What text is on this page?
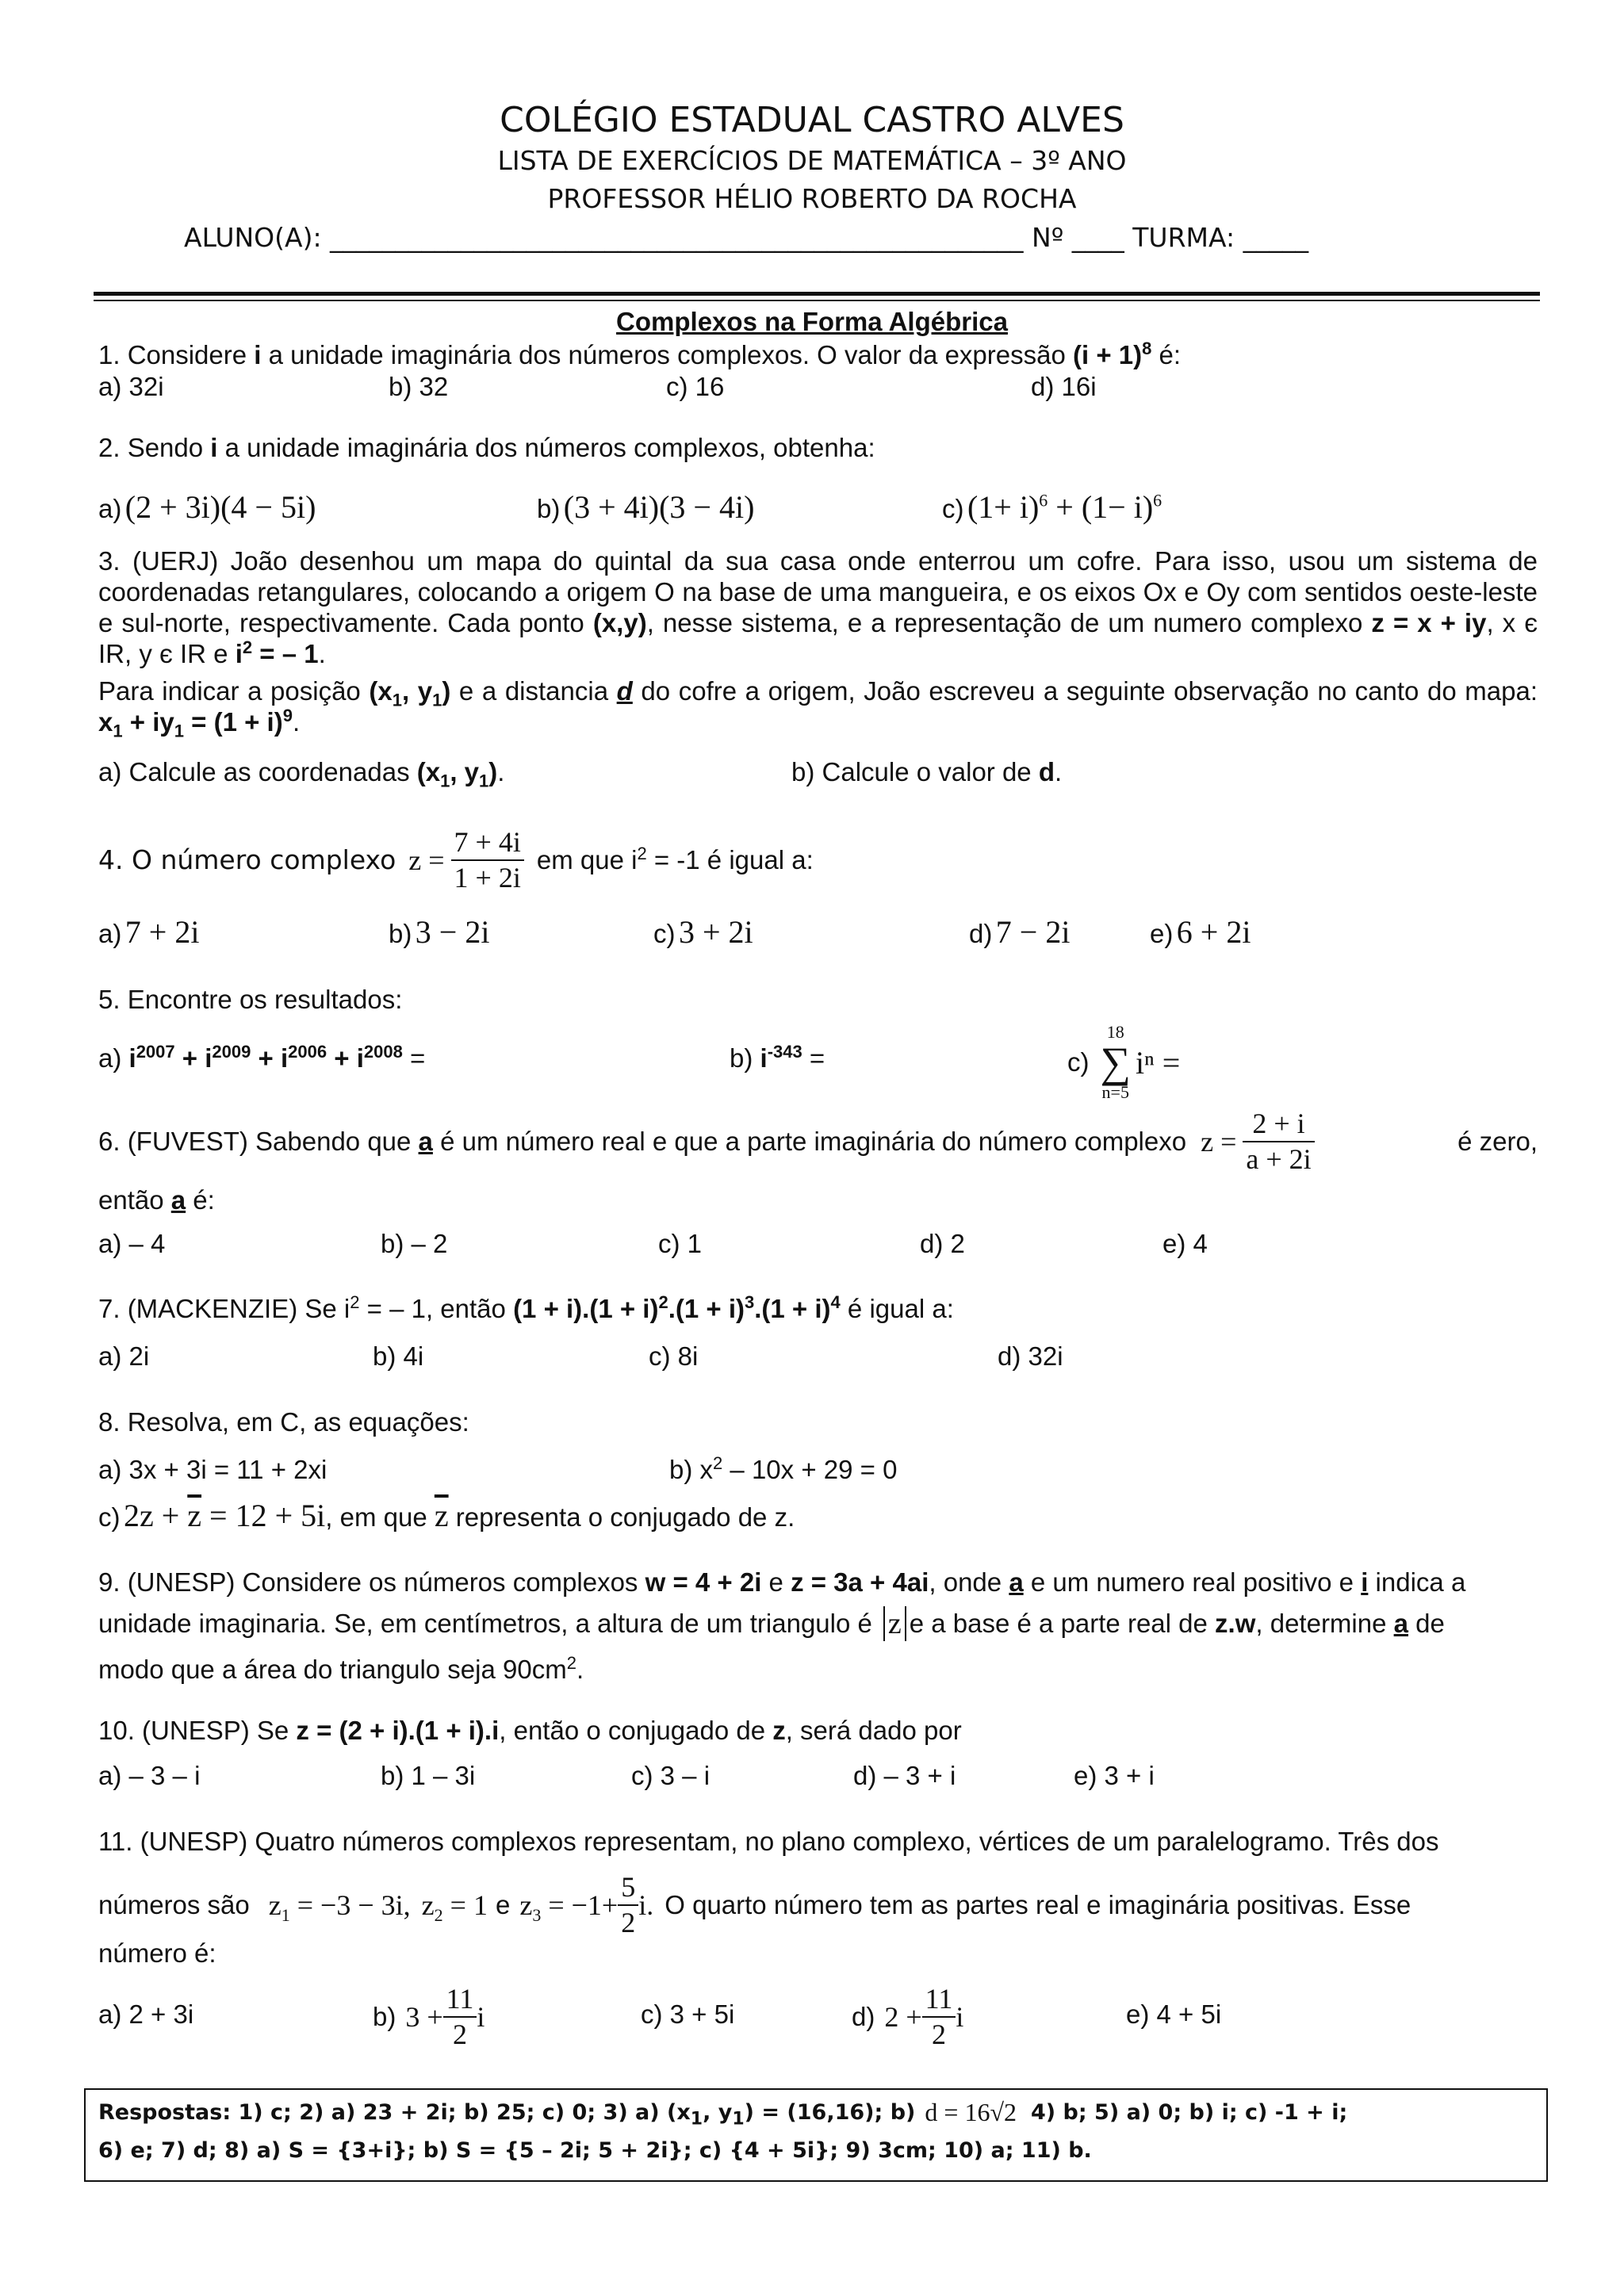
COLÉGIO ESTADUAL CASTRO ALVES
LISTA DE EXERCÍCIOS DE MATEMÁTICA – 3º ANO
PROFESSOR HÉLIO ROBERTO DA ROCHA
ALUNO(A): _____________________________________________________ Nº ____ TURMA: _____
Complexos na Forma Algébrica
1. Considere i a unidade imaginária dos números complexos. O valor da expressão $(i + 1)^8$ é:
a) 32i	b) 32	c) 16	d) 16i
2. Sendo i a unidade imaginária dos números complexos, obtenha:
a) (2 + 3i)(4 − 5i)	b) (3 + 4i)(3 − 4i)	c) $(1+ i)^6 + (1- i)^6$
3. (UERJ) João desenhou um mapa do quintal da sua casa onde enterrou um cofre. Para isso, usou um sistema de coordenadas retangulares, colocando a origem O na base de uma mangueira, e os eixos Ox e Oy com sentidos oeste-leste e sul-norte, respectivamente. Cada ponto (x,y), nesse sistema, e a representação de um numero complexo z = x + iy, x є IR, y є IR e $i^2$ = – 1.
Para indicar a posição ($x_1$, $y_1$) e a distancia d do cofre a origem, João escreveu a seguinte observação no canto do mapa: $x_1 + iy_1 = (1 + i)^9$.
a) Calcule as coordenadas ($x_1$, $y_1$).	b) Calcule o valor de d.
4. O número complexo $z = \frac{7 + 4i}{1 + 2i}$ em que $i^2 = -1$ é igual a:
a) 7 + 2i	b) 3 − 2i	c) 3 + 2i	d) 7 − 2i	e) 6 + 2i
5. Encontre os resultados:
a) $i^{2007} + i^{2009} + i^{2006} + i^{2008}$ =	b) $i^{-343}$ =	c)
18
∑
n=5
iⁿ =
6. (FUVEST) Sabendo que a é um número real e que a parte imaginária do número complexo $z = \frac{2 + i}{a + 2i}$	é zero,
então a é:
a) – 4	b) – 2	c) 1	d) 2	e) 4
7. (MACKENZIE) Se $i^2$ = – 1, então $(1 + i).(1 + i)^2.(1 + i)^3.(1 + i)^4$ é igual a:
a) 2i	b) 4i	c) 8i	d) 32i
8. Resolva, em C, as equações:
a) 3x + 3i = 11 + 2xi	b) $x^2 - 10x + 29 = 0$
c) $2z + \overline{z} = 12 + 5i$, em que $\overline{z}$ representa o conjugado de z.
9. (UNESP) Considere os números complexos w = 4 + 2i e z = 3a + 4ai, onde a e um numero real positivo e i indica a
unidade imaginaria. Se, em centímetros, a altura de um triangulo é z e a base é a parte real de z.w, determine a de
modo que a área do triangulo seja $90cm^2$.
10. (UNESP) Se z = (2 + i).(1 + i).i, então o conjugado de z, será dado por
a) – 3 – i	b) 1 – 3i	c) 3 – i	d) – 3 + i	e) 3 + i
11. (UNESP) Quatro números complexos representam, no plano complexo, vértices de um paralelogramo. Três dos
números são $z_1 = -3 - 3i$, $z_2 = 1$ e $z_3 = -1+ \frac{5}{2} i$. O quarto número tem as partes real e imaginária positivas. Esse
número é:
a) 2 + 3i	b) $3 + \frac{11}{2}$ i	c) 3 + 5i	d) $2 + \frac{11}{2}$ i	e) 4 + 5i
Respostas: 1) c; 2) a) 23 + 2i; b) 25; c) 0; 3) a) ($x_1$, $y_1) = (16,16)$; b) d = 16√2 4) b; 5) a) 0; b) i; c) -1 + i;
6) e; 7) d; 8) a) S = {3+i}; b) S = {5 – 2i; 5 + 2i}; c) {4 + 5i}; 9) 3cm; 10) a; 11) b.
